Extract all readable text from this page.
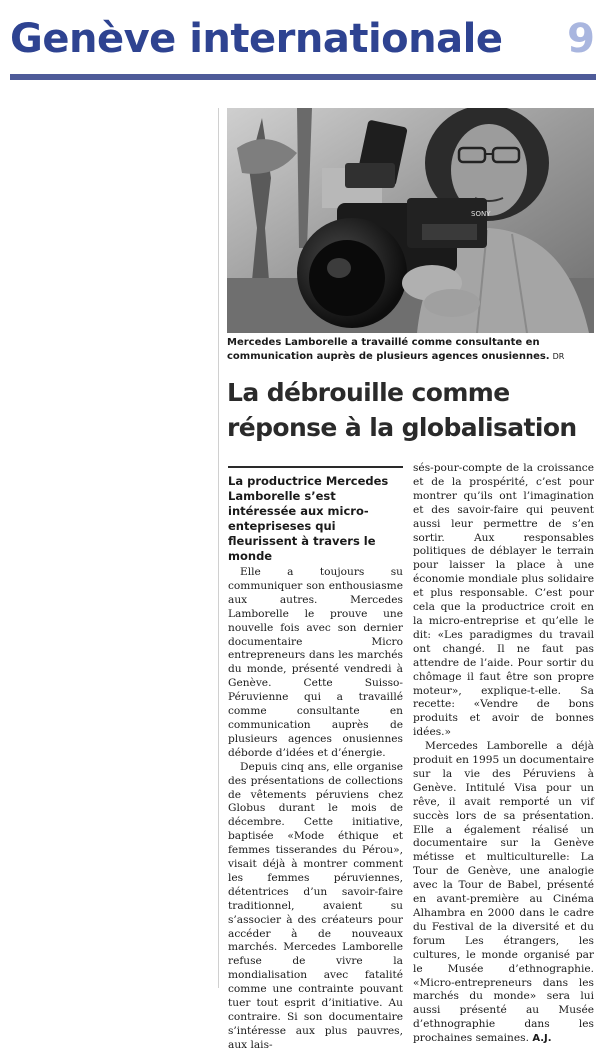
Genève internationale 9
SONY
Mercedes Lamborelle a travaillé comme consultante en communication auprès de plusieurs agences onusiennes. DR
La débrouille comme réponse à la globalisation
La productrice Mercedes Lamborelle s’est intéressée aux micro-entepriseses qui fleurissent à travers le monde

Elle a toujours su communiquer son enthousiasme aux autres. Mercedes Lamborelle le prouve une nouvelle fois avec son dernier documentaire Micro entrepreneurs dans les marchés du monde, présenté vendredi à Genève. Cette Suisso-Péruvienne qui a travaillé comme consultante en communication auprès de plusieurs agences onusiennes déborde d’idées et d’énergie.

Depuis cinq ans, elle organise des présentations de collections de vêtements péruviens chez Globus durant le mois de décembre. Cette initiative, baptisée «Mode éthique et femmes tisserandes du Pérou», visait déjà à montrer comment les femmes péruviennes, détentrices d’un savoir-faire traditionnel, avaient su s’associer à des créateurs pour accéder à de nouveaux marchés. Mercedes Lamborelle refuse de vivre la mondialisation avec fatalité comme une contrainte pouvant tuer tout esprit d’initiative. Au contraire. Si son documentaire s’intéresse aux plus pauvres, aux lais-

sés-pour-compte de la croissance et de la prospérité, c’est pour montrer qu’ils ont l’imagination et des savoir-faire qui peuvent aussi leur permettre de s’en sortir. Aux responsables politiques de déblayer le terrain pour laisser la place à une économie mondiale plus solidaire et plus responsable. C’est pour cela que la productrice croit en la micro-entreprise et qu’elle le dit: «Les paradigmes du travail ont changé. Il ne faut pas attendre de l’aide. Pour sortir du chômage il faut être son propre moteur», explique-t-elle. Sa recette: «Vendre de bons produits et avoir de bonnes idées.»

Mercedes Lamborelle a déjà produit en 1995 un documentaire sur la vie des Péruviens à Genève. Intitulé Visa pour un rêve, il avait remporté un vif succès lors de sa présentation. Elle a également réalisé un documentaire sur la Genève métisse et multiculturelle: La Tour de Genève, une analogie avec la Tour de Babel, présenté en avant-première au Cinéma Alhambra en 2000 dans le cadre du Festival de la diversité et du forum Les étrangers, les cultures, le monde organisé par le Musée d’ethnographie. «Micro-entrepreneurs dans les marchés du monde» sera lui aussi présenté au Musée d’ethnographie dans les prochaines semaines. A.J.
